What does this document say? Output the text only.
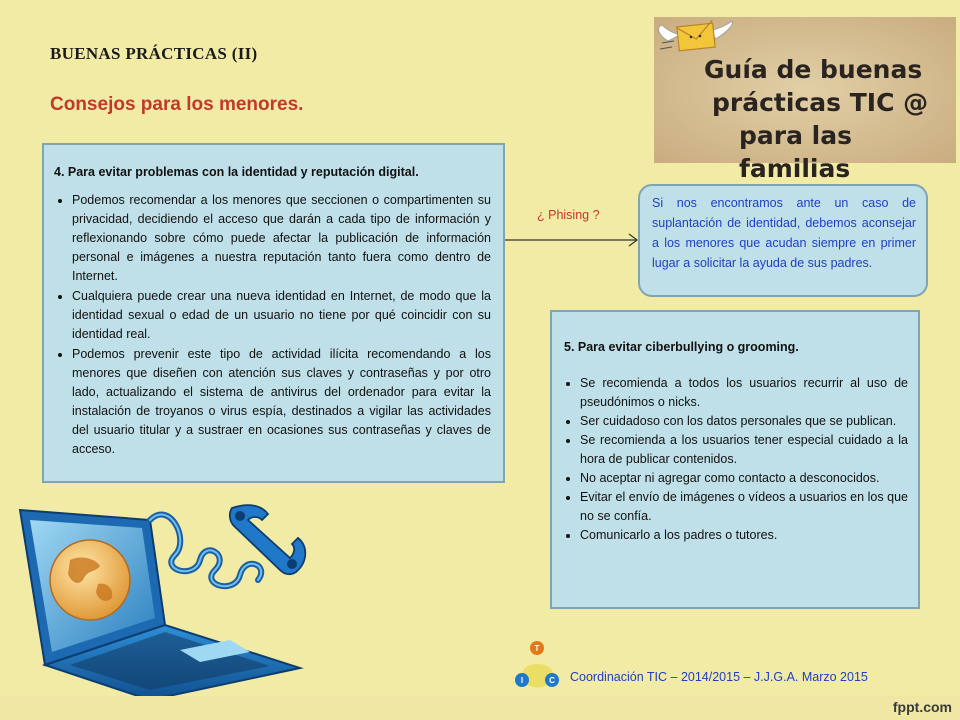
BUENAS PRÁCTICAS (II)
Consejos para los menores.
Guía de buenas
prácticas TIC @
para las familias
4. Para evitar problemas con la identidad y reputación digital.
• Podemos recomendar a los menores que seccionen o compartimenten su privacidad, decidiendo el acceso que darán a cada tipo de información y reflexionando sobre cómo puede afectar la publicación de información personal e imágenes a nuestra reputación tanto fuera como dentro de Internet.
• Cualquiera puede crear una nueva identidad en Internet, de modo que la identidad sexual o edad de un usuario no tiene por qué coincidir con su identidad real.
• Podemos prevenir este tipo de actividad ilícita recomendando a los menores que diseñen con atención sus claves y contraseñas y por otro lado, actualizando el sistema de antivirus del ordenador para evitar la instalación de troyanos o virus espía, destinados a vigilar las actividades del usuario titular y a sustraer en ocasiones sus contraseñas y claves de acceso.
¿ Phising ?
Si nos encontramos ante un caso de suplantación de identidad, debemos aconsejar a los menores que acudan siempre en primer lugar a solicitar la ayuda de sus padres.
5. Para evitar ciberbullying o grooming.
• Se recomienda a todos los usuarios recurrir al uso de pseudónimos o nicks.
• Ser cuidadoso con los datos personales que se publican.
• Se recomienda a los usuarios tener especial cuidado a la hora de publicar contenidos.
• No aceptar ni agregar como contacto a desconocidos.
• Evitar el envío de imágenes o vídeos a usuarios en los que no se confía.
• Comunicarlo a los padres o tutores.
T
I	C Coordinación TIC – 2014/2015 – J.J.G.A. Marzo 2015
fppt.com
